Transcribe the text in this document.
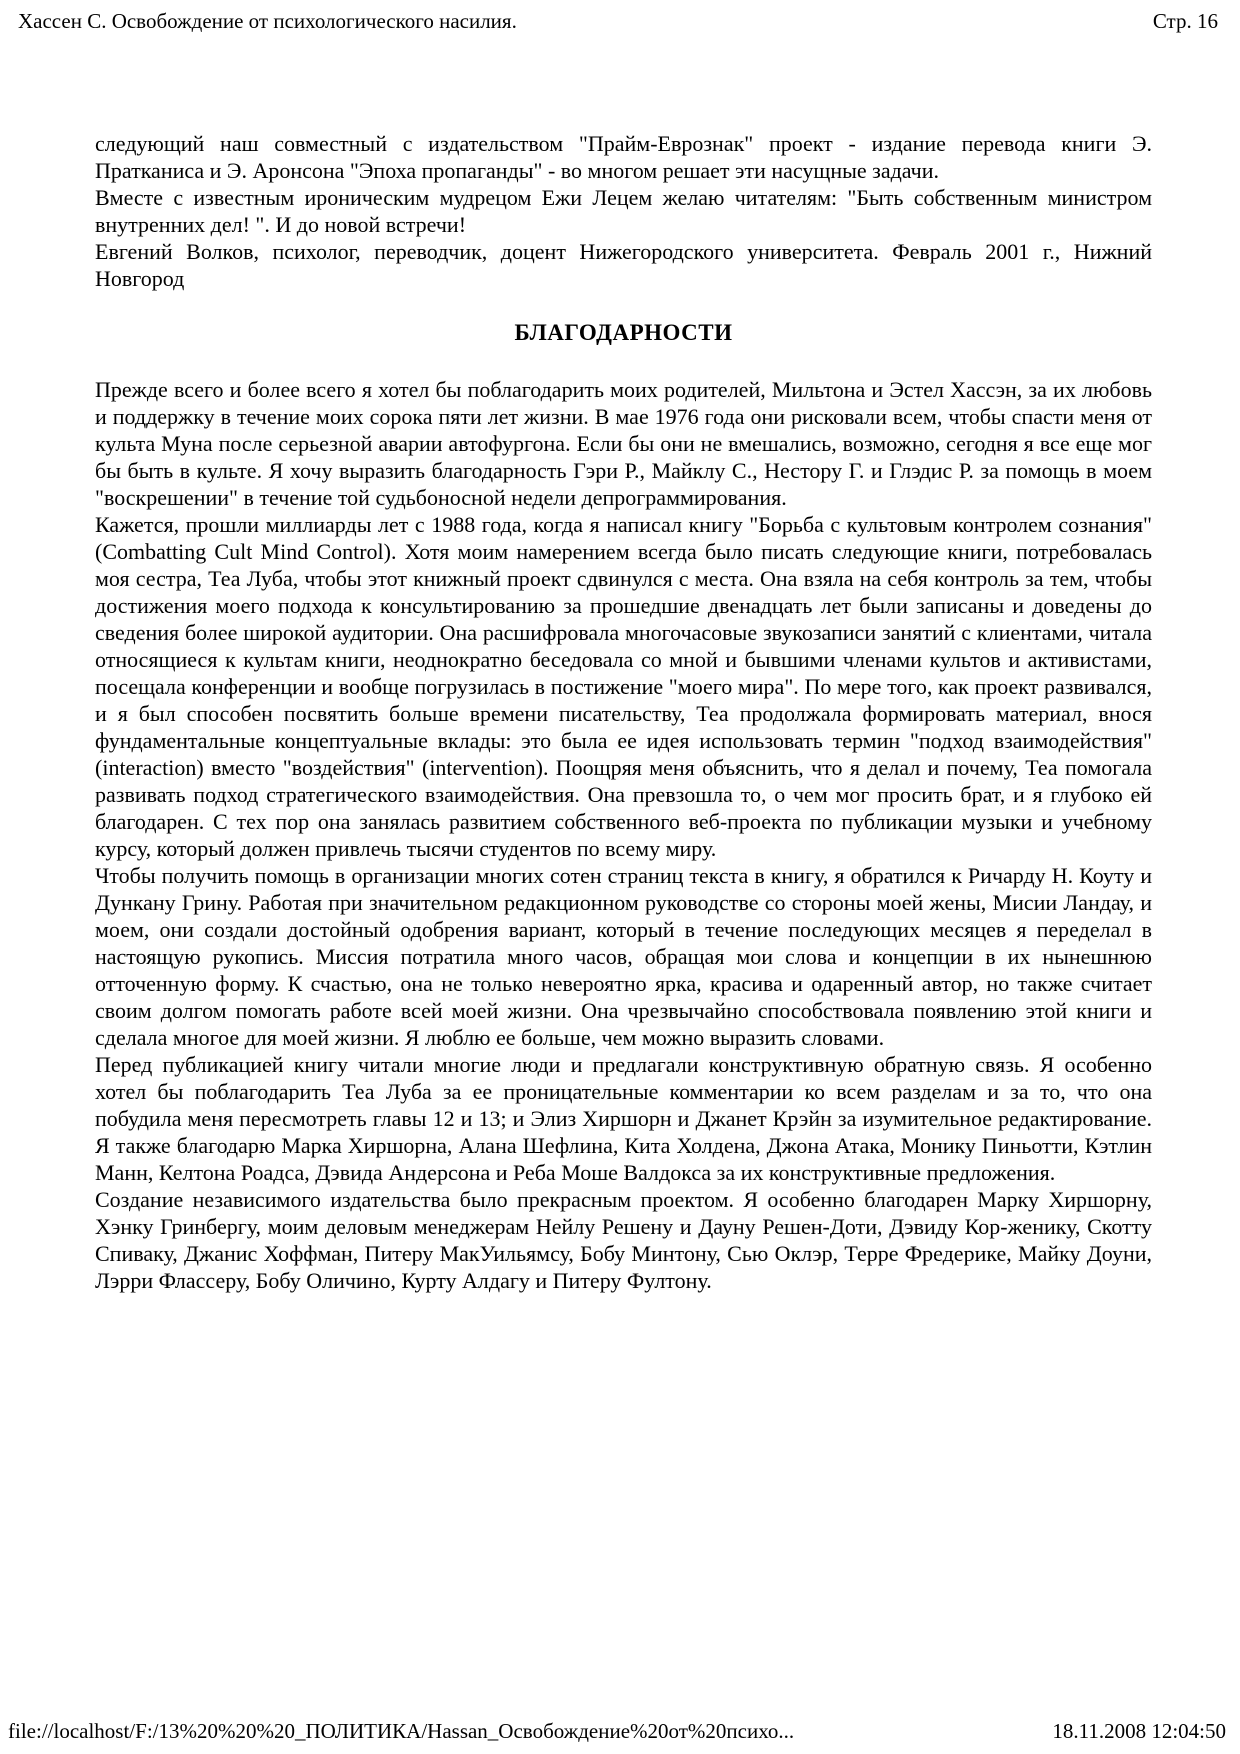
Хассен С. Освобождение от психологического насилия.	Стр. 16

следующий наш совместный с издательством "Прайм-Еврознак" проект - издание перевода книги Э. Пратканиса и Э. Аронсона "Эпоха пропаганды" - во многом решает эти насущные задачи.

Вместе с известным ироническим мудрецом Ежи Лецем желаю читателям: "Быть собственным министром внутренних дел! ". И до новой встречи!

Евгений Волков, психолог, переводчик, доцент Нижегородского университета. Февраль 2001 г., Нижний Новгород

БЛАГОДАРНОСТИ

Прежде всего и более всего я хотел бы поблагодарить моих родителей, Мильтона и Эстел Хассэн, за их любовь и поддержку в течение моих сорока пяти лет жизни. В мае 1976 года они рисковали всем, чтобы спасти меня от культа Муна после серьезной аварии автофургона. Если бы они не вмешались, возможно, сегодня я все еще мог бы быть в культе. Я хочу выразить благодарность Гэри Р., Майклу С., Нестору Г. и Глэдис Р. за помощь в моем "воскрешении" в течение той судьбоносной недели депрограммирования.

Кажется, прошли миллиарды лет с 1988 года, когда я написал книгу "Борьба с культовым контролем сознания" (Combatting Cult Mind Control). Хотя моим намерением всегда было писать следующие книги, потребовалась моя сестра, Теа Луба, чтобы этот книжный проект сдвинулся с места. Она взяла на себя контроль за тем, чтобы достижения моего подхода к консультированию за прошедшие двенадцать лет были записаны и доведены до сведения более широкой аудитории. Она расшифровала многочасовые звукозаписи занятий с клиентами, читала относящиеся к культам книги, неоднократно беседовала со мной и бывшими членами культов и активистами, посещала конференции и вообще погрузилась в постижение "моего мира". По мере того, как проект развивался, и я был способен посвятить больше времени писательству, Теа продолжала формировать материал, внося фундаментальные концептуальные вклады: это была ее идея использовать термин "подход взаимодействия" (interaction) вместо "воздействия" (intervention). Поощряя меня объяснить, что я делал и почему, Теа помогала развивать подход стратегического взаимодействия. Она превзошла то, о чем мог просить брат, и я глубоко ей благодарен. С тех пор она занялась развитием собственного веб-проекта по публикации музыки и учебному курсу, который должен привлечь тысячи студентов по всему миру.

Чтобы получить помощь в организации многих сотен страниц текста в книгу, я обратился к Ричарду Н. Коуту и Дункану Грину. Работая при значительном редакционном руководстве со стороны моей жены, Мисии Ландау, и моем, они создали достойный одобрения вариант, который в течение последующих месяцев я переделал в настоящую рукопись. Миссия потратила много часов, обращая мои слова и концепции в их нынешнюю отточенную форму. К счастью, она не только невероятно ярка, красива и одаренный автор, но также считает своим долгом помогать работе всей моей жизни. Она чрезвычайно способствовала появлению этой книги и сделала многое для моей жизни. Я люблю ее больше, чем можно выразить словами.

Перед публикацией книгу читали многие люди и предлагали конструктивную обратную связь. Я особенно хотел бы поблагодарить Теа Луба за ее проницательные комментарии ко всем разделам и за то, что она побудила меня пересмотреть главы 12 и 13; и Элиз Хиршорн и Джанет Крэйн за изумительное редактирование. Я также благодарю Марка Хиршорна, Алана Шефлина, Кита Холдена, Джона Атака, Монику Пиньотти, Кэтлин Манн, Келтона Роадса, Дэвида Андерсона и Реба Моше Валдокса за их конструктивные предложения.

Создание независимого издательства было прекрасным проектом. Я особенно благодарен Марку Хиршорну, Хэнку Гринбергу, моим деловым менеджерам Нейлу Решену и Дауну Решен-Доти, Дэвиду Кор-женику, Скотту Спиваку, Джанис Хоффман, Питеру МакУильямсу, Бобу Минтону, Сью Оклэр, Терре Фредерике, Майку Доуни, Лэрри Флассеру, Бобу Оличино, Курту Алдагу и Питеру Фултону.

file://localhost/F:/13%20%20%20_ПОЛИТИКА/Hassan_Освобождение%20от%20психо...	18.11.2008 12:04:50
